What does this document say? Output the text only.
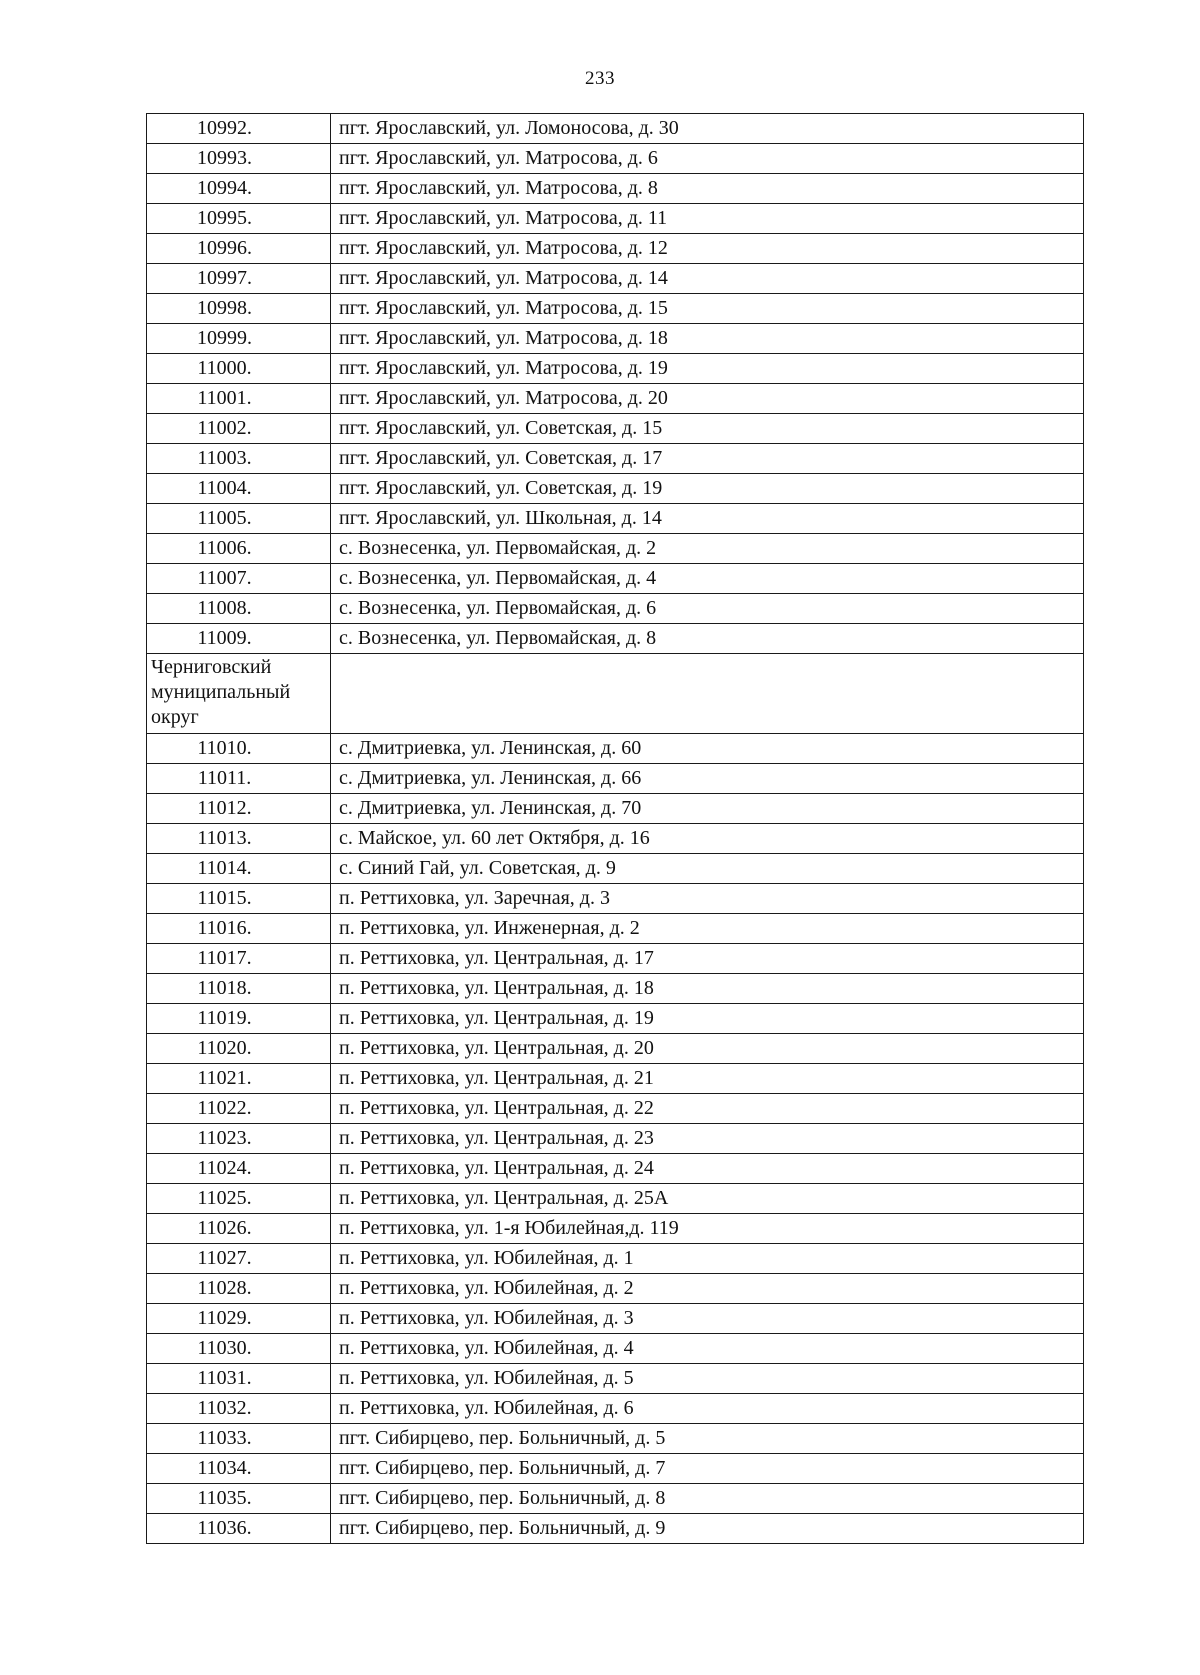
233
10992.	пгт. Ярославский, ул. Ломоносова, д. 30
10993.	пгт. Ярославский, ул. Матросова, д. 6
10994.	пгт. Ярославский, ул. Матросова, д. 8
10995.	пгт. Ярославский, ул. Матросова, д. 11
10996.	пгт. Ярославский, ул. Матросова, д. 12
10997.	пгт. Ярославский, ул. Матросова, д. 14
10998.	пгт. Ярославский, ул. Матросова, д. 15
10999.	пгт. Ярославский, ул. Матросова, д. 18
11000.	пгт. Ярославский, ул. Матросова, д. 19
11001.	пгт. Ярославский, ул. Матросова, д. 20
11002.	пгт. Ярославский, ул. Советская, д. 15
11003.	пгт. Ярославский, ул. Советская, д. 17
11004.	пгт. Ярославский, ул. Советская, д. 19
11005.	пгт. Ярославский, ул. Школьная, д. 14
11006.	с. Вознесенка, ул. Первомайская, д. 2
11007.	с. Вознесенка, ул. Первомайская, д. 4
11008.	с. Вознесенка, ул. Первомайская, д. 6
11009.	с. Вознесенка, ул. Первомайская, д. 8
Черниговский муниципальный округ	
11010.	с. Дмитриевка, ул. Ленинская, д. 60
11011.	с. Дмитриевка, ул. Ленинская, д. 66
11012.	с. Дмитриевка, ул. Ленинская, д. 70
11013.	с. Майское, ул. 60 лет Октября, д. 16
11014.	с. Синий Гай, ул. Советская, д. 9
11015.	п. Реттиховка, ул. Заречная, д. 3
11016.	п. Реттиховка, ул. Инженерная, д. 2
11017.	п. Реттиховка, ул. Центральная, д. 17
11018.	п. Реттиховка, ул. Центральная, д. 18
11019.	п. Реттиховка, ул. Центральная, д. 19
11020.	п. Реттиховка, ул. Центральная, д. 20
11021.	п. Реттиховка, ул. Центральная, д. 21
11022.	п. Реттиховка, ул. Центральная, д. 22
11023.	п. Реттиховка, ул. Центральная, д. 23
11024.	п. Реттиховка, ул. Центральная, д. 24
11025.	п. Реттиховка, ул. Центральная, д. 25А
11026.	п. Реттиховка, ул. 1-я Юбилейная,д. 119
11027.	п. Реттиховка, ул. Юбилейная, д. 1
11028.	п. Реттиховка, ул. Юбилейная, д. 2
11029.	п. Реттиховка, ул. Юбилейная, д. 3
11030.	п. Реттиховка, ул. Юбилейная, д. 4
11031.	п. Реттиховка, ул. Юбилейная, д. 5
11032.	п. Реттиховка, ул. Юбилейная, д. 6
11033.	пгт. Сибирцево, пер. Больничный, д. 5
11034.	пгт. Сибирцево, пер. Больничный, д. 7
11035.	пгт. Сибирцево, пер. Больничный, д. 8
11036.	пгт. Сибирцево, пер. Больничный, д. 9
